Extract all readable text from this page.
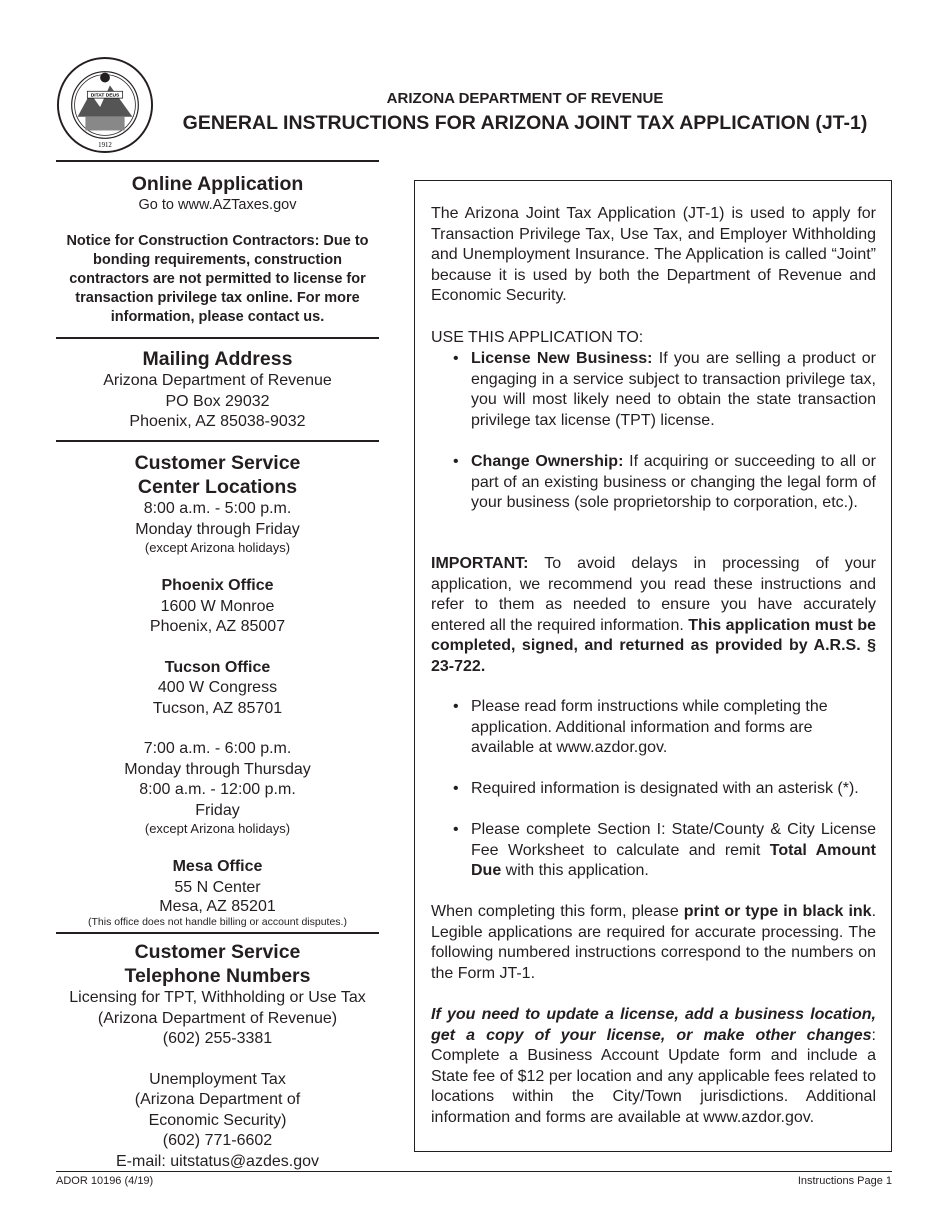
DITAT DEUS
1912
ARIZONA DEPARTMENT OF REVENUE
GENERAL INSTRUCTIONS FOR ARIZONA JOINT TAX APPLICATION (JT-1)
Online Application
Go to www.AZTaxes.gov
Notice for Construction Contractors: Due to bonding requirements, construction contractors are not permitted to license for transaction privilege tax online. For more information, please contact us.
Mailing Address
Arizona Department of Revenue
PO Box 29032
Phoenix, AZ 85038-9032
Customer Service
Center Locations
8:00 a.m. - 5:00 p.m.
Monday through Friday
(except Arizona holidays)
Phoenix Office
1600 W Monroe
Phoenix, AZ 85007
Tucson Office
400 W Congress
Tucson, AZ 85701
7:00 a.m. - 6:00 p.m.
Monday through Thursday
8:00 a.m. - 12:00 p.m.
Friday
(except Arizona holidays)
Mesa Office
55 N Center
Mesa, AZ 85201
(This office does not handle billing or account disputes.)
Customer Service
Telephone Numbers
Licensing for TPT, Withholding or Use Tax
(Arizona Department of Revenue)
(602) 255-3381
Unemployment Tax
(Arizona Department of
Economic Security)
(602) 771-6602
E-mail: uitstatus@azdes.gov
The Arizona Joint Tax Application (JT-1) is used to apply for Transaction Privilege Tax, Use Tax, and Employer Withholding and Unemployment Insurance. The Application is called “Joint” because it is used by both the Department of Revenue and Economic Security.
USE THIS APPLICATION TO:
• License New Business: If you are selling a product or engaging in a service subject to transaction privilege tax, you will most likely need to obtain the state transaction privilege tax license (TPT) license.
• Change Ownership: If acquiring or succeeding to all or part of an existing business or changing the legal form of your business (sole proprietorship to corporation, etc.).
IMPORTANT: To avoid delays in processing of your application, we recommend you read these instructions and refer to them as needed to ensure you have accurately entered all the required information. This application must be completed, signed, and returned as provided by A.R.S. § 23-722.
• Please read form instructions while completing the application. Additional information and forms are available at www.azdor.gov.
• Required information is designated with an asterisk (*).
• Please complete Section I: State/County & City License Fee Worksheet to calculate and remit Total Amount Due with this application.
When completing this form, please print or type in black ink. Legible applications are required for accurate processing. The following numbered instructions correspond to the numbers on the Form JT-1.
If you need to update a license, add a business location, get a copy of your license, or make other changes: Complete a Business Account Update form and include a State fee of $12 per location and any applicable fees related to locations within the City/Town jurisdictions. Additional information and forms are available at www.azdor.gov.
ADOR 10196 (4/19)	Instructions Page 1
